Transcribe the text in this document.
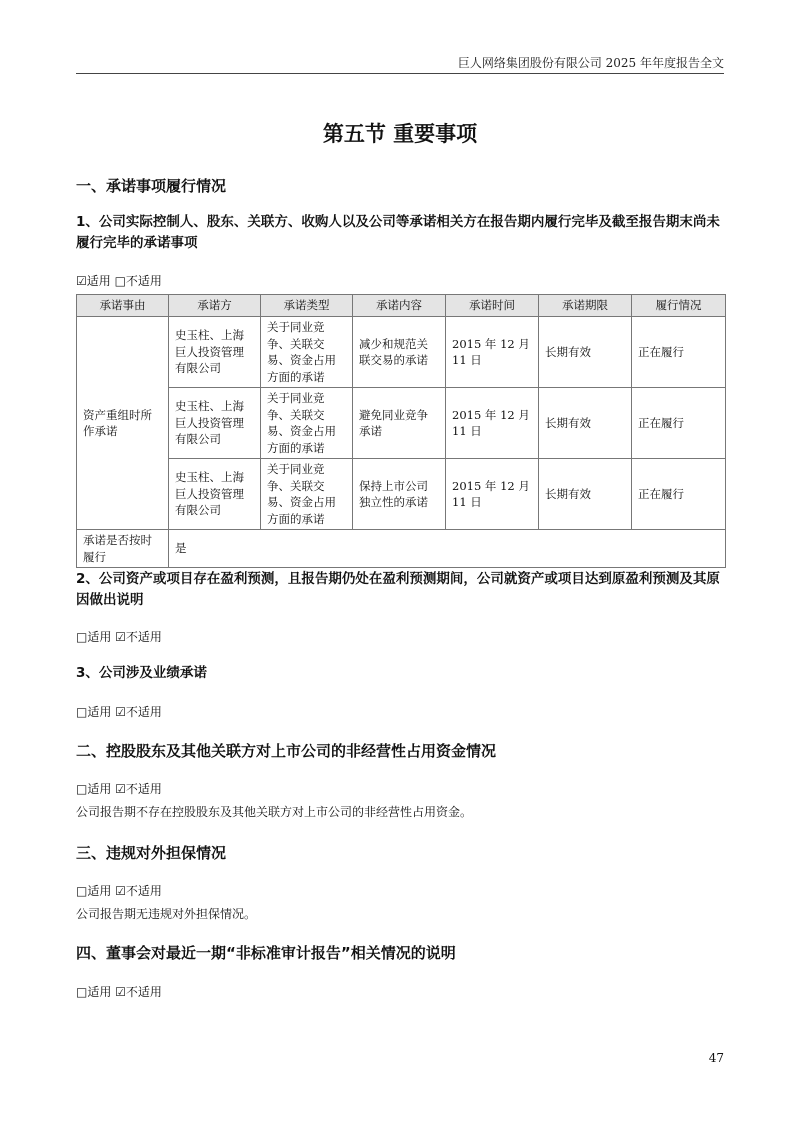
巨人网络集团股份有限公司 2025 年年度报告全文
第五节 重要事项
一、承诺事项履行情况
1、公司实际控制人、股东、关联方、收购人以及公司等承诺相关方在报告期内履行完毕及截至报告期末尚未履行完毕的承诺事项
☑适用 □不适用
承诺事由	承诺方	承诺类型	承诺内容	承诺时间	承诺期限	履行情况
资产重组时所作承诺	史玉柱、上海巨人投资管理有限公司	关于同业竞争、关联交易、资金占用方面的承诺	减少和规范关联交易的承诺	2015 年 12 月 11 日	长期有效	正在履行
	史玉柱、上海巨人投资管理有限公司	关于同业竞争、关联交易、资金占用方面的承诺	避免同业竞争承诺	2015 年 12 月 11 日	长期有效	正在履行
	史玉柱、上海巨人投资管理有限公司	关于同业竞争、关联交易、资金占用方面的承诺	保持上市公司独立性的承诺	2015 年 12 月 11 日	长期有效	正在履行
承诺是否按时履行	是					
2、公司资产或项目存在盈利预测，且报告期仍处在盈利预测期间，公司就资产或项目达到原盈利预测及其原因做出说明
□适用 ☑不适用
3、公司涉及业绩承诺
□适用 ☑不适用
二、控股股东及其他关联方对上市公司的非经营性占用资金情况
□适用 ☑不适用
公司报告期不存在控股股东及其他关联方对上市公司的非经营性占用资金。
三、违规对外担保情况
□适用 ☑不适用
公司报告期无违规对外担保情况。
四、董事会对最近一期“非标准审计报告”相关情况的说明
□适用 ☑不适用
47
